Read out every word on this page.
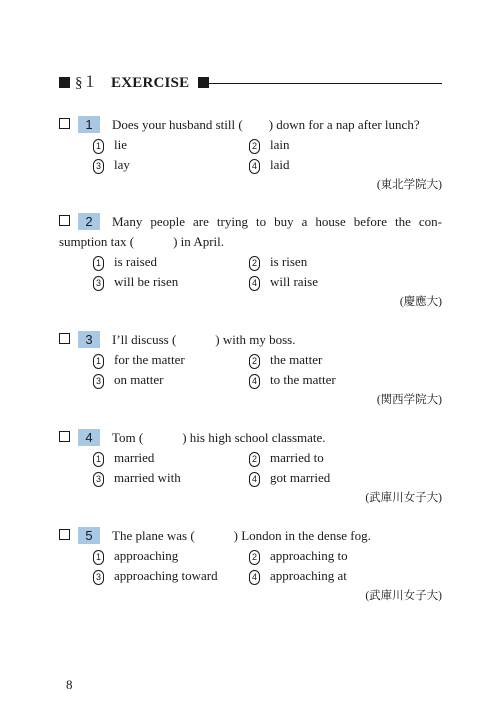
§１ EXERCISE
1	Does your husband still (　　) down for a nap after lunch?
1 lie	2 lain
3 lay	4 laid
(東北学院大)
2	Many people are trying to buy a house before the con-
sumption tax (　　　) in April.
1 is raised	2 is risen
3 will be risen	4 will raise
(慶應大)
3	I’ll discuss (　　　) with my boss.
1 for the matter	2 the matter
3 on matter	4 to the matter
(関西学院大)
4	Tom (　　　) his high school classmate.
1 married	2 married to
3 married with	4 got married
(武庫川女子大)
5	The plane was (　　　) London in the dense fog.
1 approaching	2 approaching to
3 approaching toward	4 approaching at
(武庫川女子大)
8
